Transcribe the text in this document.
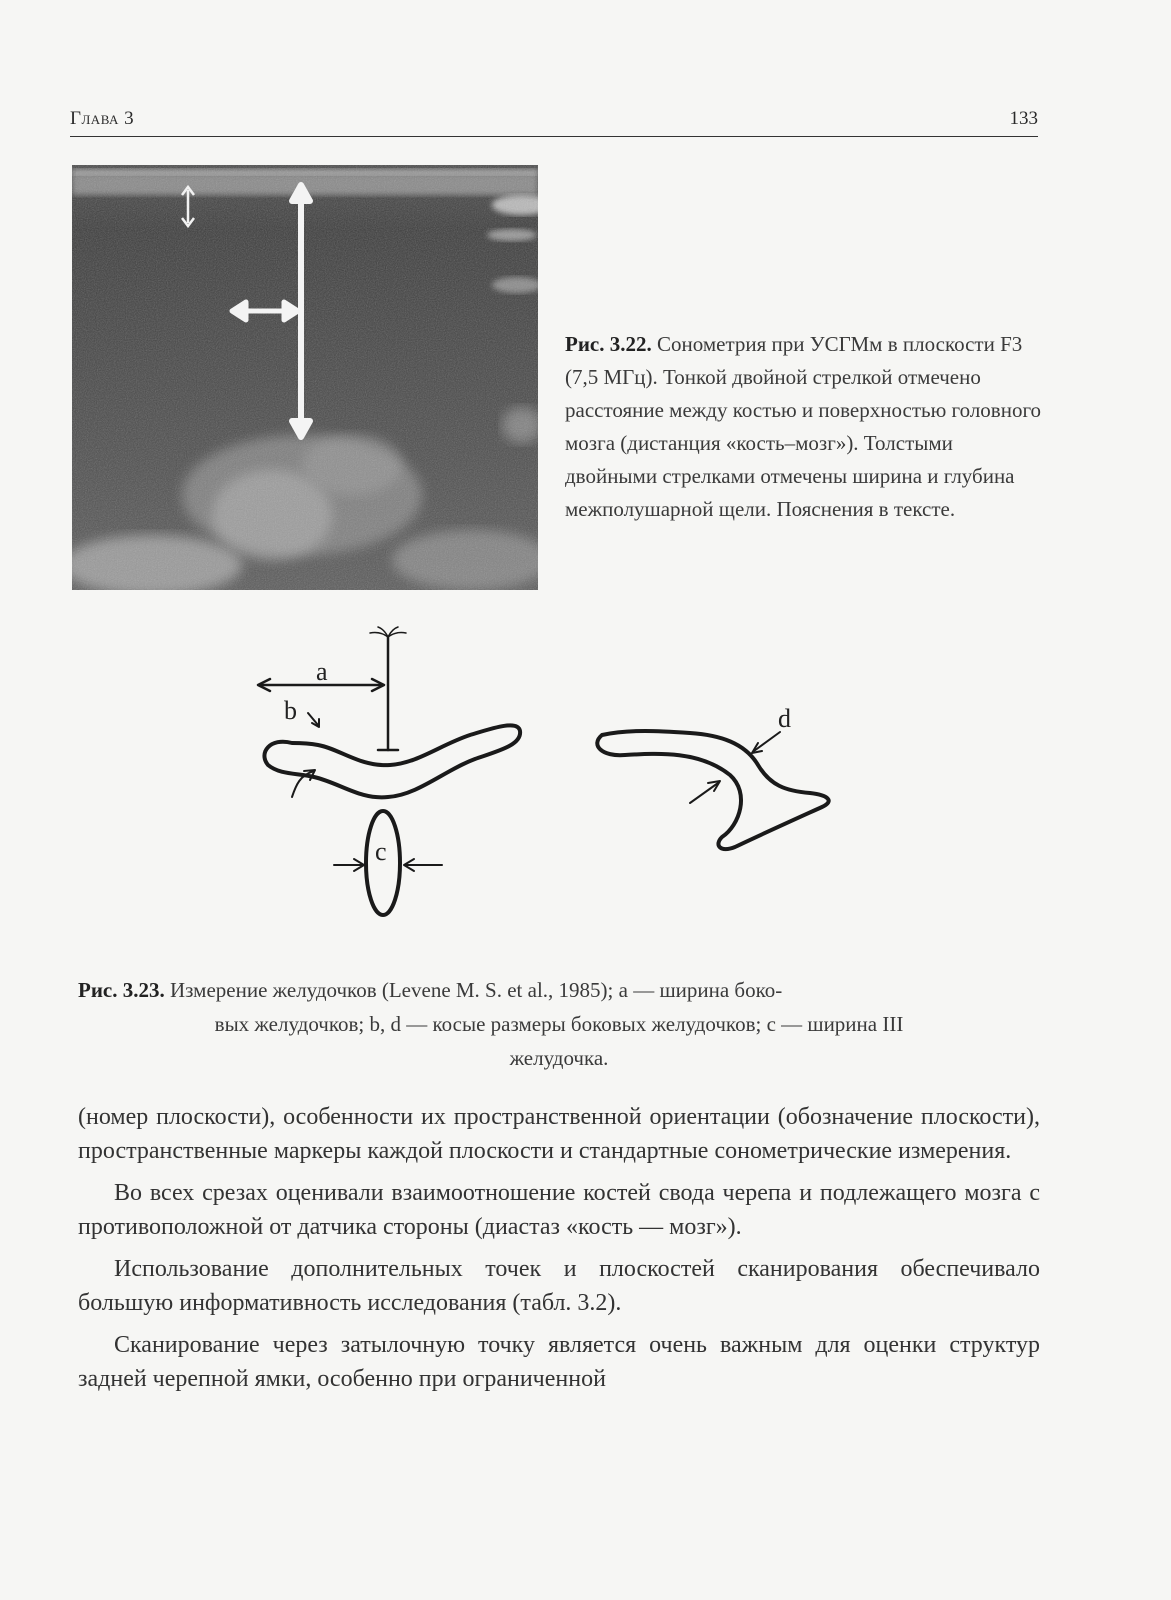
Глава 3	133
Рис. 3.22. Сонометрия при УСГМм в плоскости F3 (7,5 МГц). Тонкой двойной стрелкой отмечено расстояние между костью и поверхностью головного мозга (дистанция «кость–мозг»). Толстыми двойными стрелками отмечены ширина и глубина межполушарной щели. Пояснения в тексте.
a
b
c
d
Рис. 3.23. Измерение желудочков (Levene M. S. et al., 1985); a — ширина боко-
вых желудочков; b, d — косые размеры боковых желудочков; c — ширина III
желудочка.

(номер плоскости), особенности их пространственной ориентации (обозначение плоскости), пространственные маркеры каждой плоскости и стандартные сонометрические измерения.

Во всех срезах оценивали взаимоотношение костей свода черепа и подлежащего мозга с противоположной от датчика стороны (диастаз «кость — мозг»).

Использование дополнительных точек и плоскостей сканирования обеспечивало большую информативность исследования (табл. 3.2).

Сканирование через затылочную точку является очень важным для оценки структур задней черепной ямки, особенно при ограниченной
